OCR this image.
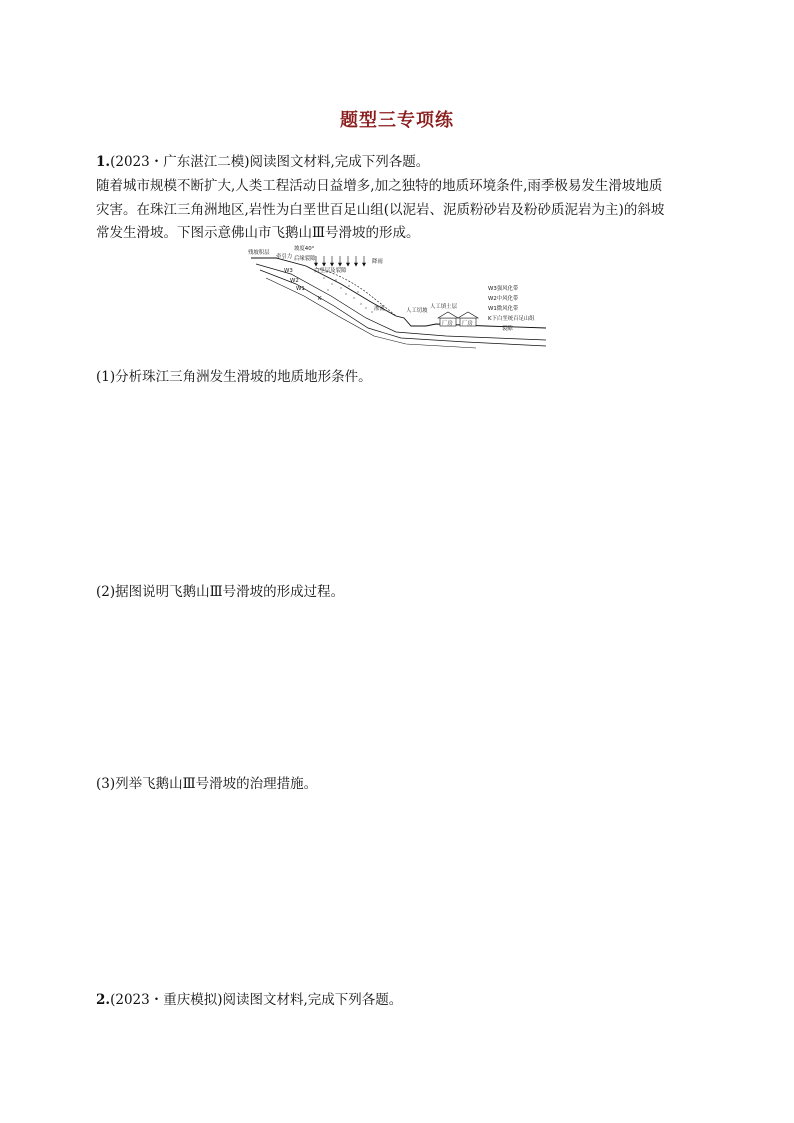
题型三专项练
1.(2023・广东湛江二模)阅读图文材料,完成下列各题。
随着城市规模不断扩大,人类工程活动日益增多,加之独特的地质环境条件,雨季极易发生滑坡地质
灾害。在珠江三角洲地区,岩性为白垩世百足山组(以泥岩、泥质粉砂岩及粉砂质泥岩为主)的斜坡
常发生滑坡。下图示意佛山市飞鹅山Ⅲ号滑坡的形成。
残坡积层
坡度40°
牵引力 后缘裂隙	降雨
白垩层及裂隙
渗流	人工切坡
人工填土层
厂房 厂房
W3
W2
W1
K
W3强风化带
W2中风化带
W1微风化带
K下白垩统百足山组
裂隙
(1)分析珠江三角洲发生滑坡的地质地形条件。
(2)据图说明飞鹅山Ⅲ号滑坡的形成过程。
(3)列举飞鹅山Ⅲ号滑坡的治理措施。
2.(2023・重庆模拟)阅读图文材料,完成下列各题。
